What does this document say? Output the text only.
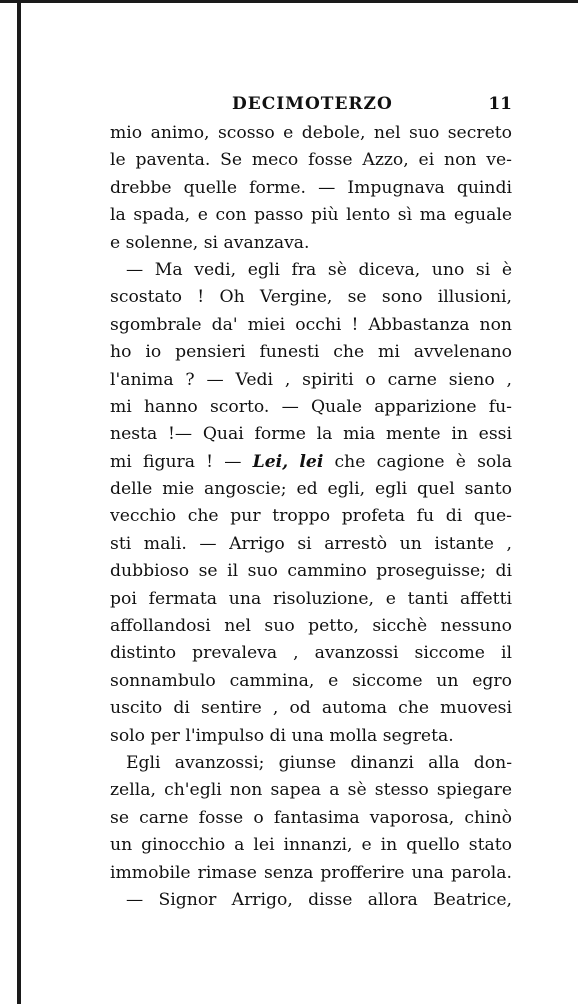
DECIMOTERZO	11
mio animo, scosso e debole, nel suo secreto
le paventa. Se meco fosse Azzo, ei non ve-
drebbe quelle forme. — Impugnava quindi
la spada, e con passo più lento sì ma eguale
e solenne, si avanzava.
— Ma vedi, egli fra sè diceva, uno si è
scostato ! Oh Vergine, se sono illusioni,
sgombrale da' miei occhi ! Abbastanza non
ho io pensieri funesti che mi avvelenano
l'anima ? — Vedi , spiriti o carne sieno ,
mi hanno scorto. — Quale apparizione fu-
nesta !— Quai forme la mia mente in essi
mi figura ! — Lei, lei che cagione è sola
delle mie angoscie; ed egli, egli quel santo
vecchio che pur troppo profeta fu di que-
sti mali. — Arrigo si arrestò un istante ,
dubbioso se il suo cammino proseguisse; di
poi fermata una risoluzione, e tanti affetti
affollandosi nel suo petto, sicchè nessuno
distinto prevaleva , avanzossi siccome il
sonnambulo cammina, e siccome un egro
uscito di sentire , od automa che muovesi
solo per l'impulso di una molla segreta.
Egli avanzossi; giunse dinanzi alla don-
zella, ch'egli non sapea a sè stesso spiegare
se carne fosse o fantasima vaporosa, chinò
un ginocchio a lei innanzi, e in quello stato
immobile rimase senza profferire una parola.
— Signor Arrigo, disse allora Beatrice,
